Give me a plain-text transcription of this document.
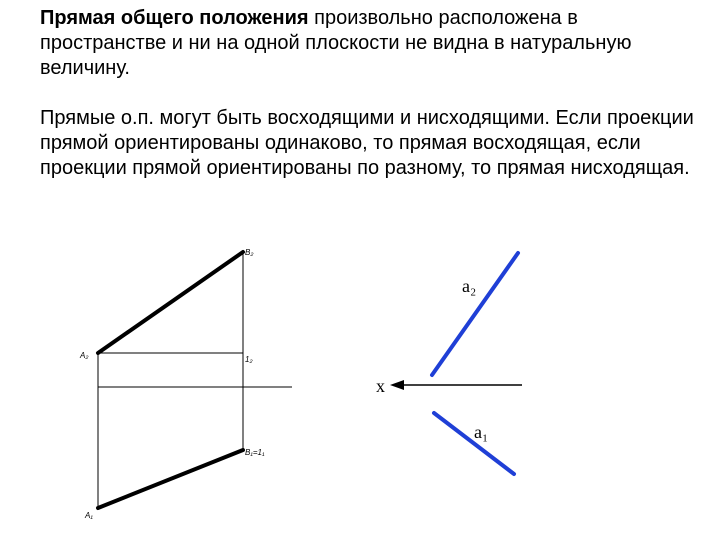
Прямая общего положения произвольно расположена в пространстве и ни на одной плоскости не видна в натуральную величину.

Прямые о.п. могут быть восходящими и нисходящими. Если проекции прямой ориентированы одинаково, то прямая восходящая, если проекции прямой ориентированы по разному, то прямая нисходящая.

B₂
A₂	1₂
B₁=1₁
A₁
x
a₂
a₁
